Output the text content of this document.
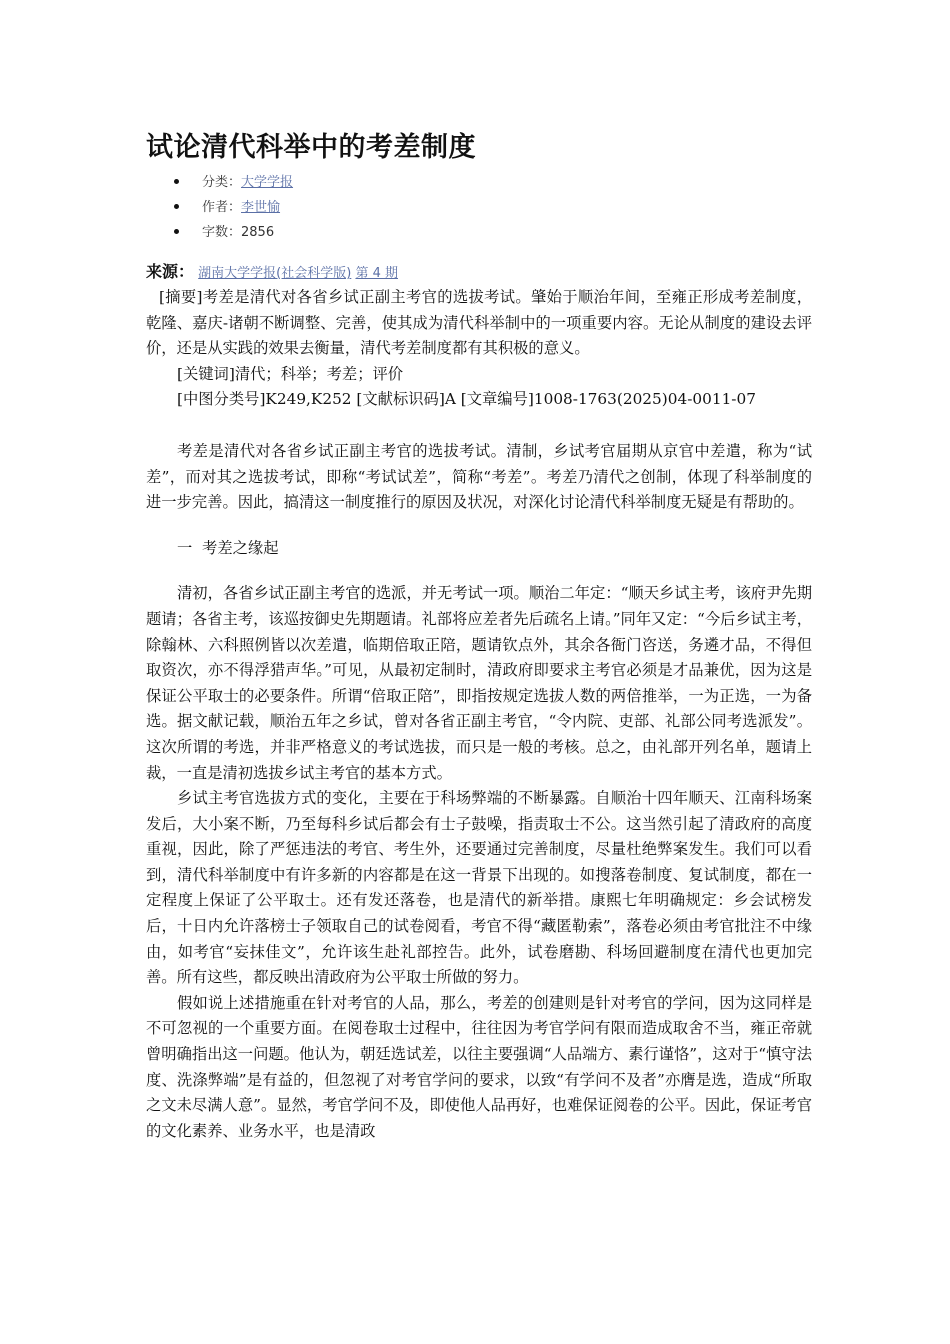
试论清代科举中的考差制度
分类：大学学报
作者：李世愉
字数：2856
来源： 湖南大学学报(社会科学版) 第 4 期

[摘要]考差是清代对各省乡试正副主考官的选拔考试。肇始于顺治年间，至雍正形成考差制度，乾隆、嘉庆-诸朝不断调整、完善，使其成为清代科举制中的一项重要内容。无论从制度的建设去评价，还是从实践的效果去衡量，清代考差制度都有其积极的意义。

[关键词]清代；科举；考差；评价

[中图分类号]K249,K252 [文献标识码]A [文章编号]1008-1763(2025)04-0011-07

考差是清代对各省乡试正副主考官的选拔考试。清制，乡试考官届期从京官中差遣，称为“试差”，而对其之选拔考试，即称“考试试差”，简称“考差”。考差乃清代之创制，体现了科举制度的进一步完善。因此，搞清这一制度推行的原因及状况，对深化讨论清代科举制度无疑是有帮助的。

一  考差之缘起

清初，各省乡试正副主考官的选派，并无考试一项。顺治二年定：“顺天乡试主考，该府尹先期题请；各省主考，该巡按御史先期题请。礼部将应差者先后疏名上请。”同年又定：“今后乡试主考，除翰林、六科照例皆以次差遣，临期倍取正陪，题请钦点外，其余各衙门咨送，务遴才品，不得但取资次，亦不得浮猎声华。”可见，从最初定制时，清政府即要求主考官必须是才品兼优，因为这是保证公平取士的必要条件。所谓“倍取正陪”，即指按规定选拔人数的两倍推举，一为正选，一为备选。据文献记载，顺治五年之乡试，曾对各省正副主考官，“令内院、吏部、礼部公同考选派发”。这次所谓的考选，并非严格意义的考试选拔，而只是一般的考核。总之，由礼部开列名单，题请上裁，一直是清初选拔乡试主考官的基本方式。

乡试主考官选拔方式的变化，主要在于科场弊端的不断暴露。自顺治十四年顺天、江南科场案发后，大小案不断，乃至每科乡试后都会有士子鼓噪，指责取士不公。这当然引起了清政府的高度重视，因此，除了严惩违法的考官、考生外，还要通过完善制度，尽量杜绝弊案发生。我们可以看到，清代科举制度中有许多新的内容都是在这一背景下出现的。如搜落卷制度、复试制度，都在一定程度上保证了公平取士。还有发还落卷，也是清代的新举措。康熙七年明确规定：乡会试榜发后，十日内允许落榜士子领取自己的试卷阅看，考官不得“藏匿勒索”，落卷必须由考官批注不中缘由，如考官“妄抹佳文”，允许该生赴礼部控告。此外，试卷磨勘、科场回避制度在清代也更加完善。所有这些，都反映出清政府为公平取士所做的努力。

假如说上述措施重在针对考官的人品，那么，考差的创建则是针对考官的学问，因为这同样是不可忽视的一个重要方面。在阅卷取士过程中，往往因为考官学问有限而造成取舍不当，雍正帝就曾明确指出这一问题。他认为，朝廷选试差，以往主要强调“人品端方、素行谨恪”，这对于“慎守法度、洗涤弊端”是有益的，但忽视了对考官学问的要求，以致“有学问不及者”亦膺是选，造成“所取之文未尽满人意”。显然，考官学问不及，即使他人品再好，也难保证阅卷的公平。因此，保证考官的文化素养、业务水平，也是清政
